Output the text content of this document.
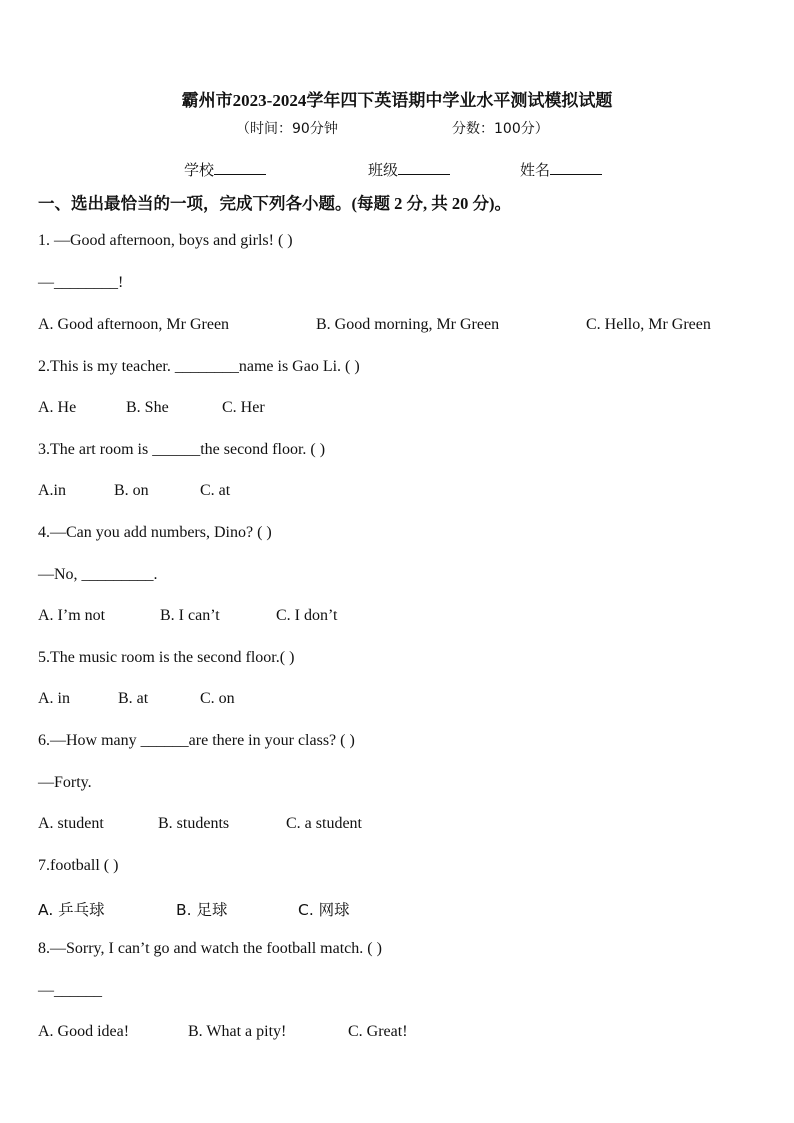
霸州市2023-2024学年四下英语期中学业水平测试模拟试题
（时间：90分钟	分数：100分）
学校	班级	姓名
一、选出最恰当的一项，完成下列各小题。(每题 2 分, 共 20 分)。
1. —Good afternoon, boys and girls! ( )
—________!
A. Good afternoon, Mr Green	B. Good morning, Mr Green	C. Hello, Mr Green
2.This is my teacher. ________name is Gao Li. ( )
A. He	B. She	C. Her
3.The art room is ______the second floor. ( )
A.in	B. on	C. at
4.—Can you add numbers, Dino? ( )
—No, _________.
A. I’m not	B. I can’t	C. I don’t
5.The music room is the second floor.( )
A. in	B. at	C. on
6.—How many ______are there in your class? ( )
—Forty.
A. student	B. students	C. a student
7.football ( )
A. 乒乓球	B. 足球	C. 网球
8.—Sorry, I can’t go and watch the football match. ( )
—______
A. Good idea!	B. What a pity!	C. Great!
